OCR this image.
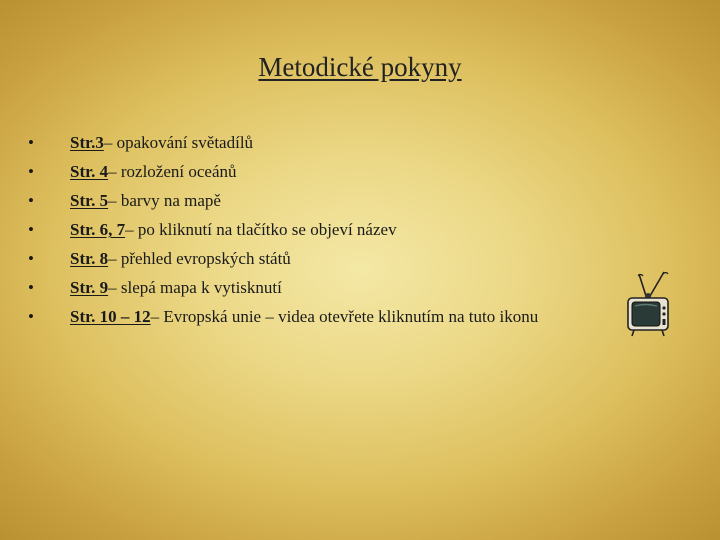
Metodické pokyny
•	Str.3 – opakování světadílů
•	Str. 4 – rozložení oceánů
•	Str. 5 – barvy na mapě
•	Str. 6, 7 – po kliknutí na tlačítko se objeví název
•	Str. 8 – přehled evropských států
•	Str. 9 – slepá mapa k vytisknutí
•	Str. 10 – 12 – Evropská unie – videa otevřete kliknutím na tuto ikonu
